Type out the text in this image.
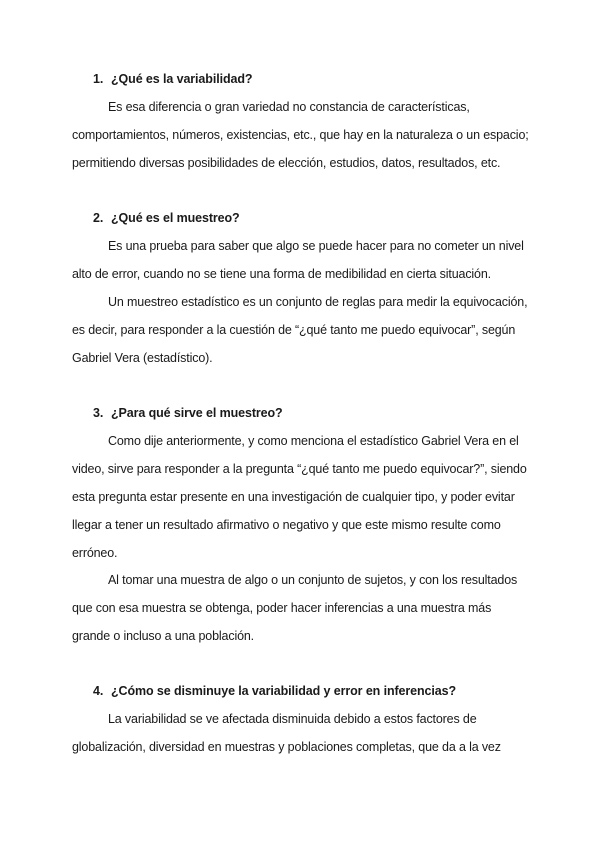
1. ¿Qué es la variabilidad?
Es esa diferencia o gran variedad no constancia de características,
comportamientos, números, existencias, etc., que hay en la naturaleza o un espacio;
permitiendo diversas posibilidades de elección, estudios, datos, resultados, etc.
2. ¿Qué es el muestreo?
Es una prueba para saber que algo se puede hacer para no cometer un nivel
alto de error, cuando no se tiene una forma de medibilidad en cierta situación.
Un muestreo estadístico es un conjunto de reglas para medir la equivocación,
es decir, para responder a la cuestión de “¿qué tanto me puedo equivocar”, según
Gabriel Vera (estadístico).
3. ¿Para qué sirve el muestreo?
Como dije anteriormente, y como menciona el estadístico Gabriel Vera en el
video, sirve para responder a la pregunta “¿qué tanto me puedo equivocar?”, siendo
esta pregunta estar presente en una investigación de cualquier tipo, y poder evitar
llegar a tener un resultado afirmativo o negativo y que este mismo resulte como
erróneo.
Al tomar una muestra de algo o un conjunto de sujetos, y con los resultados
que con esa muestra se obtenga, poder hacer inferencias a una muestra más
grande o incluso a una población.
4. ¿Cómo se disminuye la variabilidad y error en inferencias?
La variabilidad se ve afectada disminuida debido a estos factores de
globalización, diversidad en muestras y poblaciones completas, que da a la vez
